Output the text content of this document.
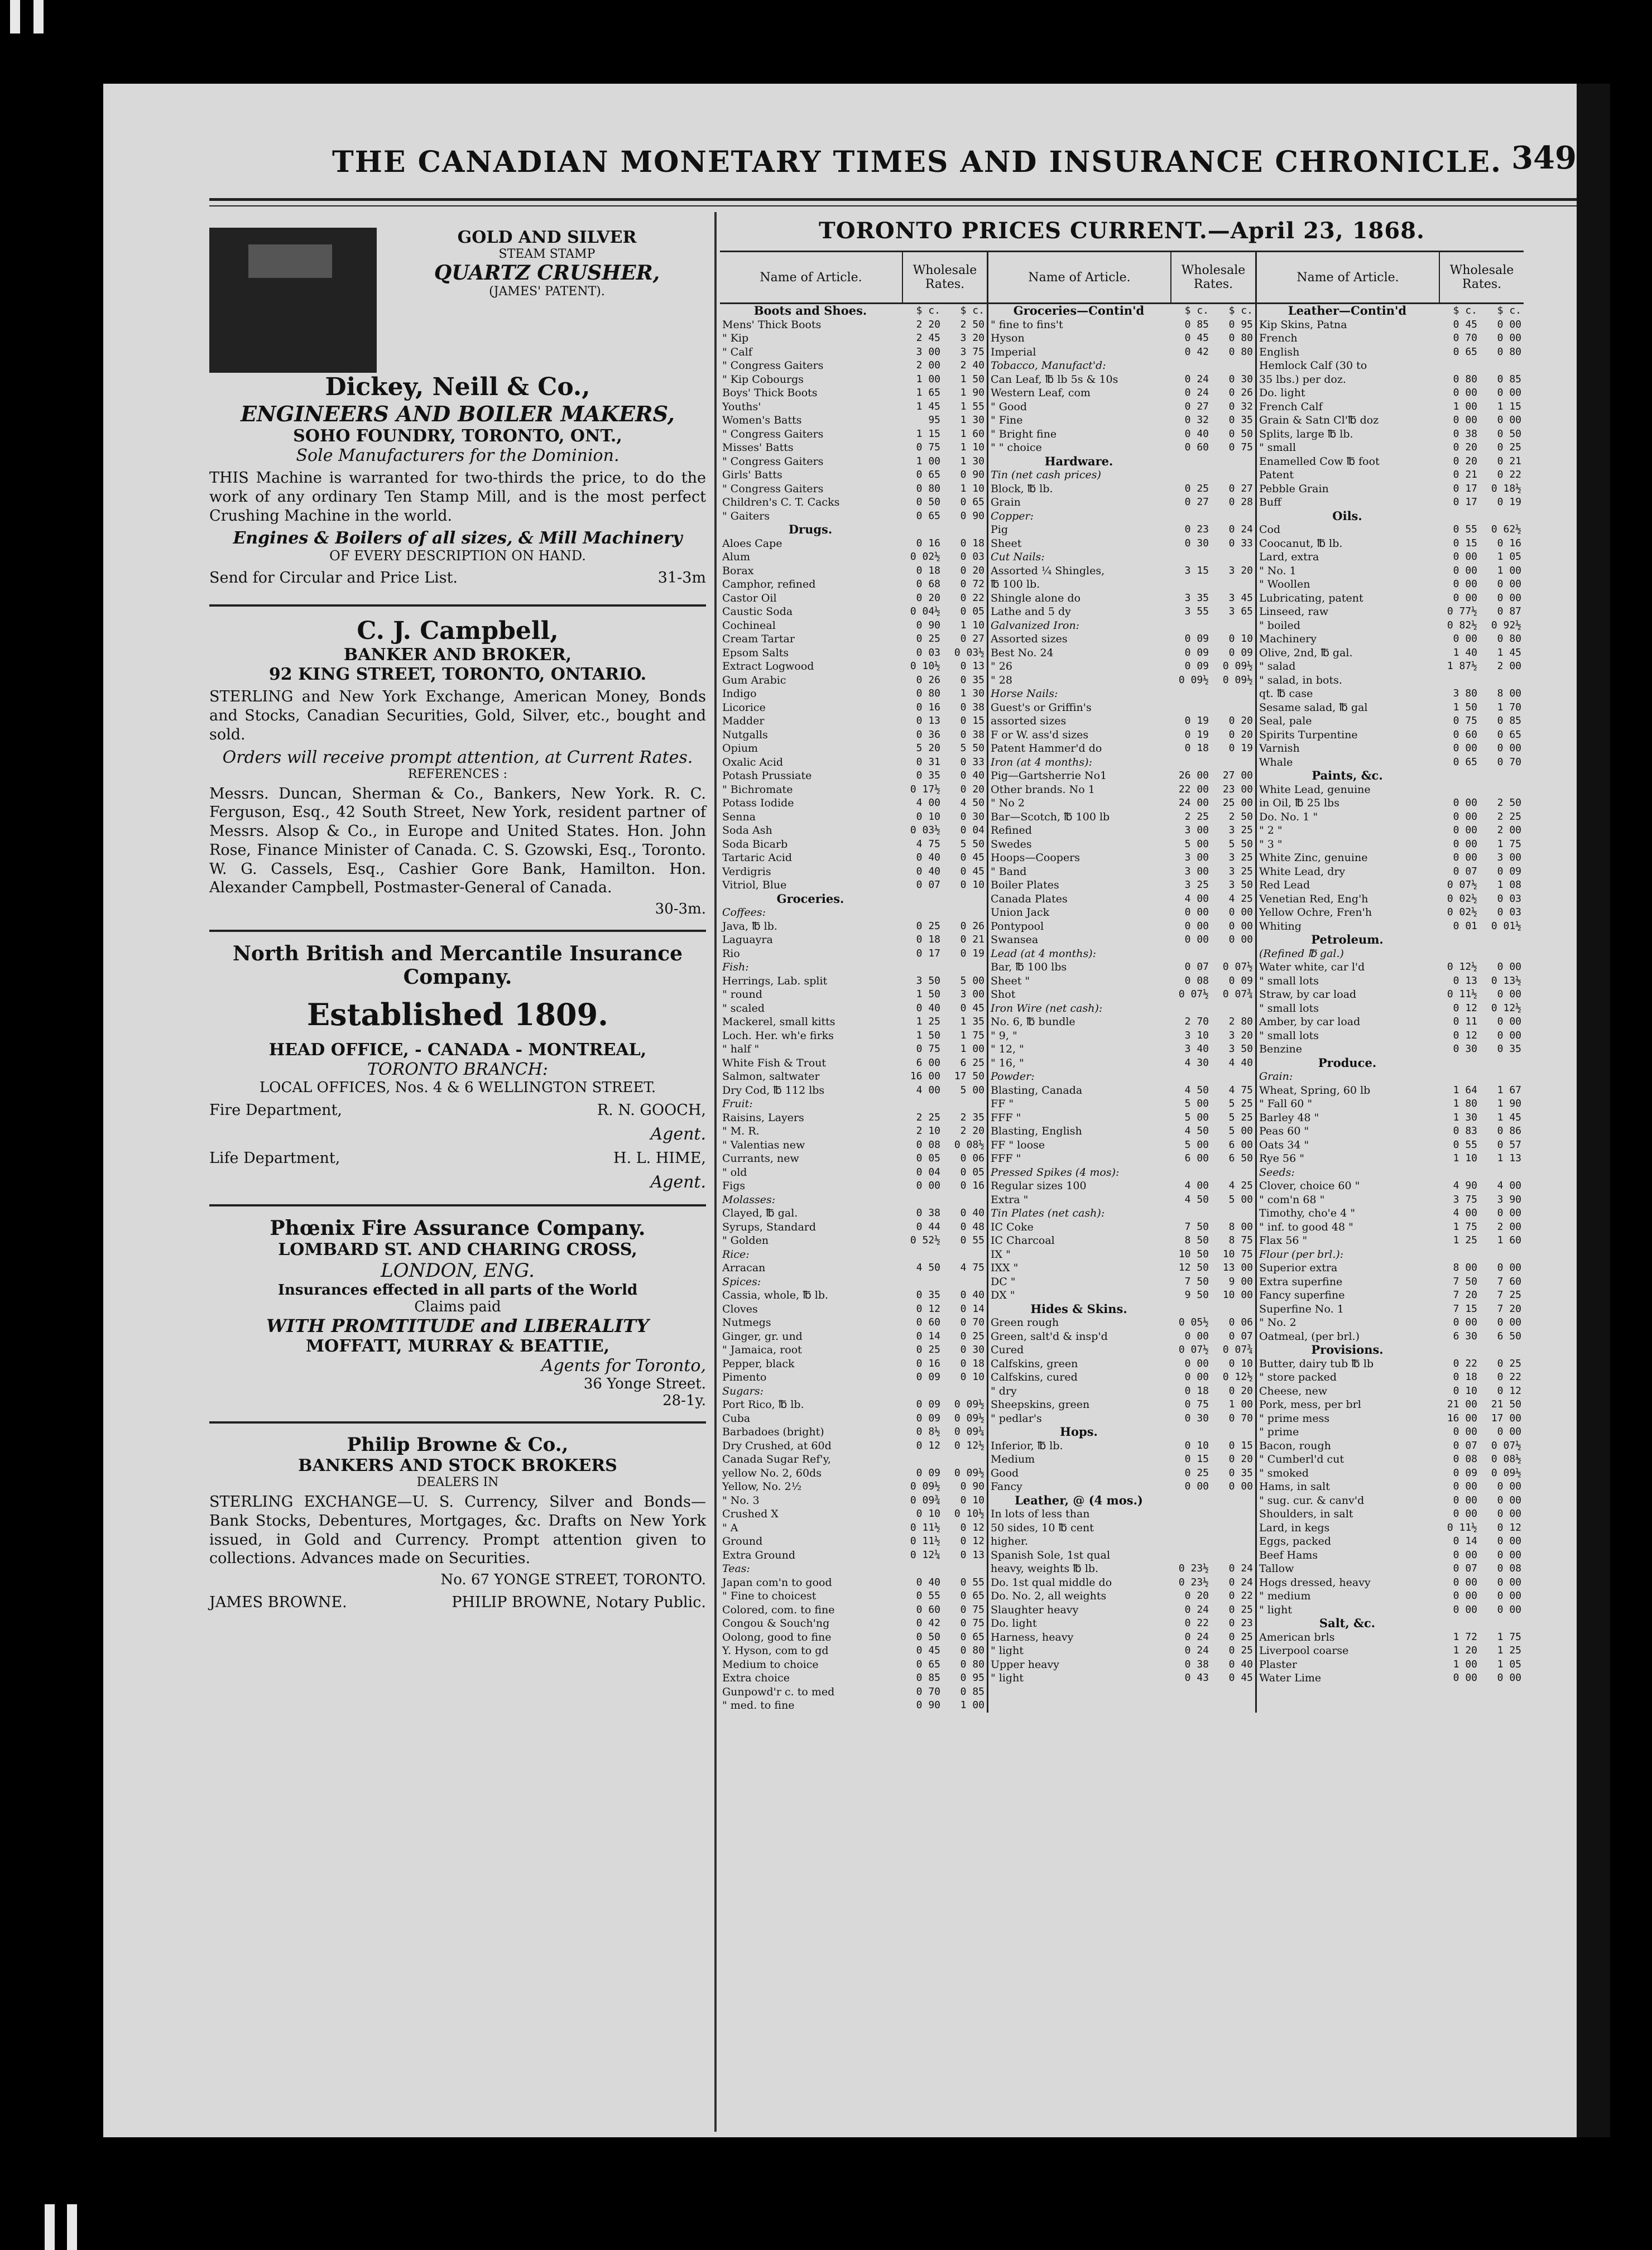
THE CANADIAN MONETARY TIMES AND INSURANCE CHRONICLE. 349
GOLD AND SILVER
STEAM STAMP
QUARTZ CRUSHER,
(JAMES' PATENT).
Dickey, Neill & Co.,
ENGINEERS AND BOILER MAKERS,
SOHO FOUNDRY, TORONTO, ONT.,
Sole Manufacturers for the Dominion.

THIS Machine is warranted for two-thirds the price, to do the work of any ordinary Ten Stamp Mill, and is the most perfect Crushing Machine in the world.

Engines & Boilers of all sizes, & Mill Machinery
OF EVERY DESCRIPTION ON HAND.
Send for Circular and Price List.	31-3m
C. J. Campbell,
BANKER AND BROKER,
92 KING STREET, TORONTO, ONTARIO.

STERLING and New York Exchange, American Money, Bonds and Stocks, Canadian Securities, Gold, Silver, etc., bought and sold.

Orders will receive prompt attention, at Current Rates.
REFERENCES :

Messrs. Duncan, Sherman & Co., Bankers, New York. R. C. Ferguson, Esq., 42 South Street, New York, resident partner of Messrs. Alsop & Co., in Europe and United States. Hon. John Rose, Finance Minister of Canada. C. S. Gzowski, Esq., Toronto. W. G. Cassels, Esq., Cashier Gore Bank, Hamilton. Hon. Alexander Campbell, Postmaster-General of Canada.

30-3m.
North British and Mercantile Insurance Company.
Established 1809.
HEAD OFFICE, - CANADA - MONTREAL,
TORONTO BRANCH:
LOCAL OFFICES, Nos. 4 & 6 WELLINGTON STREET.
Fire Department,	R. N. GOOCH,
Agent.
Life Department,	H. L. HIME,
Agent.
Phœnix Fire Assurance Company.
LOMBARD ST. AND CHARING CROSS,
LONDON, ENG.
Insurances effected in all parts of the World
Claims paid
WITH PROMTITUDE and LIBERALITY
MOFFATT, MURRAY & BEATTIE,
Agents for Toronto,
36 Yonge Street.
28-1y.
Philip Browne & Co.,
BANKERS AND STOCK BROKERS
DEALERS IN

STERLING EXCHANGE—U. S. Currency, Silver and Bonds—Bank Stocks, Debentures, Mortgages, &c. Drafts on New York issued, in Gold and Currency. Prompt attention given to collections. Advances made on Securities.

No. 67 YONGE STREET, TORONTO.
JAMES BROWNE.	PHILIP BROWNE, Notary Public.
TORONTO PRICES CURRENT.—April 23, 1868.
Name of Article.	Wholesale Rates.
Boots and Shoes.	$ c.	$ c.
Mens' Thick Boots	2 20	2 50
" Kip	2 45	3 20
" Calf	3 00	3 75
" Congress Gaiters	2 00	2 40
" Kip Cobourgs	1 00	1 50
Boys' Thick Boots	1 65	1 90
Youths'	1 45	1 55
Women's Batts	95	1 30
" Congress Gaiters	1 15	1 60
Misses' Batts	0 75	1 10
" Congress Gaiters	1 00	1 30
Girls' Batts	0 65	0 90
" Congress Gaiters	0 80	1 10
Children's C. T. Cacks	0 50	0 65
" Gaiters	0 65	0 90
Drugs.
Aloes Cape	0 16	0 18
Alum	0 02½	0 03
Borax	0 18	0 20
Camphor, refined	0 68	0 72
Castor Oil	0 20	0 22
Caustic Soda	0 04½	0 05
Cochineal	0 90	1 10
Cream Tartar	0 25	0 27
Epsom Salts	0 03	0 03½
Extract Logwood	0 10½	0 13
Gum Arabic	0 26	0 35
Indigo	0 80	1 30
Licorice	0 16	0 38
Madder	0 13	0 15
Nutgalls	0 36	0 38
Opium	5 20	5 50
Oxalic Acid	0 31	0 33
Potash Prussiate	0 35	0 40
" Bichromate	0 17½	0 20
Potass Iodide	4 00	4 50
Senna	0 10	0 30
Soda Ash	0 03½	0 04
Soda Bicarb	4 75	5 50
Tartaric Acid	0 40	0 45
Verdigris	0 40	0 45
Vitriol, Blue	0 07	0 10
Groceries.
Coffees:
Java, ℔ lb.	0 25	0 26
Laguayra	0 18	0 21
Rio	0 17	0 19
Fish:
Herrings, Lab. split	3 50	5 00
" round	1 50	3 00
" scaled	0 40	0 45
Mackerel, small kitts	1 25	1 35
Loch. Her. wh'e firks	1 50	1 75
" half "	0 75	1 00
White Fish & Trout	6 00	6 25
Salmon, saltwater	16 00	17 50
Dry Cod, ℔ 112 lbs	4 00	5 00
Fruit:
Raisins, Layers	2 25	2 35
" M. R.	2 10	2 20
" Valentias new	0 08	0 08½
Currants, new	0 05	0 06
" old	0 04	0 05
Figs	0 00	0 16
Molasses:
Clayed, ℔ gal.	0 38	0 40
Syrups, Standard	0 44	0 48
" Golden	0 52½	0 55
Rice:
Arracan	4 50	4 75
Spices:
Cassia, whole, ℔ lb.	0 35	0 40
Cloves	0 12	0 14
Nutmegs	0 60	0 70
Ginger, gr. und	0 14	0 25
" Jamaica, root	0 25	0 30
Pepper, black	0 16	0 18
Pimento	0 09	0 10
Sugars:
Port Rico, ℔ lb.	0 09	0 09½
Cuba	0 09	0 09½
Barbadoes (bright)	0 8½	0 09¼
Dry Crushed, at 60d	0 12	0 12½
Canada Sugar Ref'y,
yellow No. 2, 60ds	0 09	0 09½
Yellow, No. 2½	0 09½	0 90
" No. 3	0 09¾	0 10
Crushed X	0 10	0 10½
" A	0 11½	0 12
Ground	0 11½	0 12
Extra Ground	0 12¼	0 13
Teas:
Japan com'n to good	0 40	0 55
" Fine to choicest	0 55	0 65
Colored, com. to fine	0 60	0 75
Congou & Souch'ng	0 42	0 75
Oolong, good to fine	0 50	0 65
Y. Hyson, com to gd	0 45	0 80
Medium to choice	0 65	0 80
Extra choice	0 85	0 95
Gunpowd'r c. to med	0 70	0 85
" med. to fine	0 90	1 00
Name of Article.	Wholesale Rates.
Groceries—Contin'd	$ c.	$ c.
" fine to fins't	0 85	0 95
Hyson	0 45	0 80
Imperial	0 42	0 80
Tobacco, Manufact'd:
Can Leaf, ℔ lb 5s & 10s	0 24	0 30
Western Leaf, com	0 24	0 26
" Good	0 27	0 32
" Fine	0 32	0 35
" Bright fine	0 40	0 50
" " choice	0 60	0 75
Hardware.
Tin (net cash prices)
Block, ℔ lb.	0 25	0 27
Grain	0 27	0 28
Copper:
Pig	0 23	0 24
Sheet	0 30	0 33
Cut Nails:
Assorted ¼ Shingles,	3 15	3 20
℔ 100 lb.
Shingle alone do	3 35	3 45
Lathe and 5 dy	3 55	3 65
Galvanized Iron:
Assorted sizes	0 09	0 10
Best No. 24	0 09	0 09
" 26	0 09	0 09½
" 28	0 09½	0 09½
Horse Nails:
Guest's or Griffin's
assorted sizes	0 19	0 20
F or W. ass'd sizes	0 19	0 20
Patent Hammer'd do	0 18	0 19
Iron (at 4 months):
Pig—Gartsherrie No1	26 00	27 00
Other brands. No 1	22 00	23 00
" No 2	24 00	25 00
Bar—Scotch, ℔ 100 lb	2 25	2 50
Refined	3 00	3 25
Swedes	5 00	5 50
Hoops—Coopers	3 00	3 25
" Band	3 00	3 25
Boiler Plates	3 25	3 50
Canada Plates	4 00	4 25
Union Jack	0 00	0 00
Pontypool	0 00	0 00
Swansea	0 00	0 00
Lead (at 4 months):
Bar, ℔ 100 lbs	0 07	0 07½
Sheet "	0 08	0 09
Shot	0 07½	0 07¾
Iron Wire (net cash):
No. 6, ℔ bundle	2 70	2 80
" 9, "	3 10	3 20
" 12, "	3 40	3 50
" 16, "	4 30	4 40
Powder:
Blasting, Canada	4 50	4 75
FF "	5 00	5 25
FFF "	5 00	5 25
Blasting, English	4 50	5 00
FF " loose	5 00	6 00
FFF "	6 00	6 50
Pressed Spikes (4 mos):
Regular sizes 100	4 00	4 25
Extra "	4 50	5 00
Tin Plates (net cash):
IC Coke	7 50	8 00
IC Charcoal	8 50	8 75
IX "	10 50	10 75
IXX "	12 50	13 00
DC "	7 50	9 00
DX "	9 50	10 00
Hides & Skins.
Green rough	0 05½	0 06
Green, salt'd & insp'd	0 00	0 07
Cured	0 07½	0 07¾
Calfskins, green	0 00	0 10
Calfskins, cured	0 00	0 12½
" dry	0 18	0 20
Sheepskins, green	0 75	1 00
" pedlar's	0 30	0 70
Hops.
Inferior, ℔ lb.	0 10	0 15
Medium	0 15	0 20
Good	0 25	0 35
Fancy	0 00	0 00
Leather, @ (4 mos.)
In lots of less than
50 sides, 10 ℔ cent
higher.
Spanish Sole, 1st qual
heavy, weights ℔ lb.	0 23½	0 24
Do. 1st qual middle do	0 23½	0 24
Do. No. 2, all weights	0 20	0 22
Slaughter heavy	0 24	0 25
Do. light	0 22	0 23
Harness, heavy	0 24	0 25
" light	0 24	0 25
Upper heavy	0 38	0 40
" light	0 43	0 45
Name of Article.	Wholesale Rates.
Leather—Contin'd	$ c.	$ c.
Kip Skins, Patna	0 45	0 00
French	0 70	0 00
English	0 65	0 80
Hemlock Calf (30 to
35 lbs.) per doz.	0 80	0 85
Do. light	0 00	0 00
French Calf	1 00	1 15
Grain & Satn Cl'℔ doz	0 00	0 00
Splits, large ℔ lb.	0 38	0 50
" small	0 20	0 25
Enamelled Cow ℔ foot	0 20	0 21
Patent	0 21	0 22
Pebble Grain	0 17	0 18½
Buff	0 17	0 19
Oils.
Cod	0 55	0 62½
Coocanut, ℔ lb.	0 15	0 16
Lard, extra	0 00	1 05
" No. 1	0 00	1 00
" Woollen	0 00	0 00
Lubricating, patent	0 00	0 00
Linseed, raw	0 77½	0 87
" boiled	0 82½	0 92½
Machinery	0 00	0 80
Olive, 2nd, ℔ gal.	1 40	1 45
" salad	1 87½	2 00
" salad, in bots.
qt. ℔ case	3 80	8 00
Sesame salad, ℔ gal	1 50	1 70
Seal, pale	0 75	0 85
Spirits Turpentine	0 60	0 65
Varnish	0 00	0 00
Whale	0 65	0 70
Paints, &c.
White Lead, genuine
in Oil, ℔ 25 lbs	0 00	2 50
Do. No. 1 "	0 00	2 25
" 2 "	0 00	2 00
" 3 "	0 00	1 75
White Zinc, genuine	0 00	3 00
White Lead, dry	0 07	0 09
Red Lead	0 07½	1 08
Venetian Red, Eng'h	0 02½	0 03
Yellow Ochre, Fren'h	0 02½	0 03
Whiting	0 01	0 01½
Petroleum.
(Refined ℔ gal.)
Water white, car l'd	0 12½	0 00
" small lots	0 13	0 13½
Straw, by car load	0 11½	0 00
" small lots	0 12	0 12½
Amber, by car load	0 11	0 00
" small lots	0 12	0 00
Benzine	0 30	0 35
Produce.
Grain:
Wheat, Spring, 60 lb	1 64	1 67
" Fall 60 "	1 80	1 90
Barley 48 "	1 30	1 45
Peas 60 "	0 83	0 86
Oats 34 "	0 55	0 57
Rye 56 "	1 10	1 13
Seeds:
Clover, choice 60 "	4 90	4 00
" com'n 68 "	3 75	3 90
Timothy, cho'e 4 "	4 00	0 00
" inf. to good 48 "	1 75	2 00
Flax 56 "	1 25	1 60
Flour (per brl.):
Superior extra	8 00	0 00
Extra superfine	7 50	7 60
Fancy superfine	7 20	7 25
Superfine No. 1	7 15	7 20
" No. 2	0 00	0 00
Oatmeal, (per brl.)	6 30	6 50
Provisions.
Butter, dairy tub ℔ lb	0 22	0 25
" store packed	0 18	0 22
Cheese, new	0 10	0 12
Pork, mess, per brl	21 00	21 50
" prime mess	16 00	17 00
" prime	0 00	0 00
Bacon, rough	0 07	0 07½
" Cumberl'd cut	0 08	0 08½
" smoked	0 09	0 09½
Hams, in salt	0 00	0 00
" sug. cur. & canv'd	0 00	0 00
Shoulders, in salt	0 00	0 00
Lard, in kegs	0 11½	0 12
Eggs, packed	0 14	0 00
Beef Hams	0 00	0 00
Tallow	0 07	0 08
Hogs dressed, heavy	0 00	0 00
" medium	0 00	0 00
" light	0 00	0 00
Salt, &c.
American brls	1 72	1 75
Liverpool coarse	1 20	1 25
Plaster	1 00	1 05
Water Lime	0 00	0 00
